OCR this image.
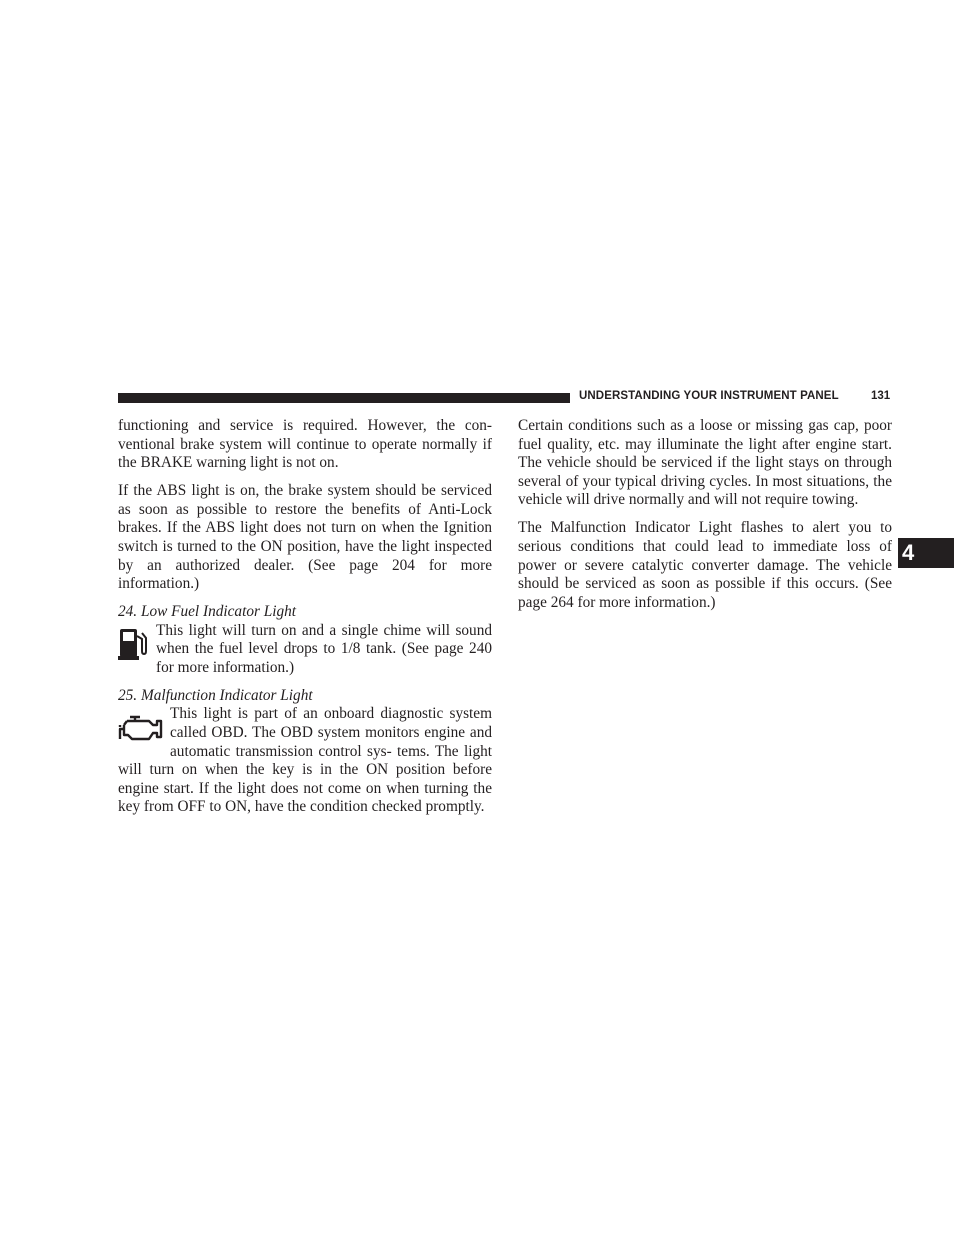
UNDERSTANDING YOUR INSTRUMENT PANEL	131
4

functioning and service is required. However, the con- ventional brake system will continue to operate normally if the BRAKE warning light is not on.

If the ABS light is on, the brake system should be serviced as soon as possible to restore the benefits of Anti-Lock brakes. If the ABS light does not turn on when the Ignition switch is turned to the ON position, have the light inspected by an authorized dealer. (See page 204 for more information.)

24. Low Fuel Indicator Light

This light will turn on and a single chime will sound when the fuel level drops to 1/8 tank. (See page 240 for more information.)

25. Malfunction Indicator Light

This light is part of an onboard diagnostic system called OBD. The OBD system monitors engine and automatic transmission control sys- tems. The light will turn on when the key is in the ON position before engine start. If the light does not come on when turning the key from OFF to ON, have the condition checked promptly.

Certain conditions such as a loose or missing gas cap, poor fuel quality, etc. may illuminate the light after engine start. The vehicle should be serviced if the light stays on through several of your typical driving cycles. In most situations, the vehicle will drive normally and will not require towing.

The Malfunction Indicator Light flashes to alert you to serious conditions that could lead to immediate loss of power or severe catalytic converter damage. The vehicle should be serviced as soon as possible if this occurs. (See page 264 for more information.)
